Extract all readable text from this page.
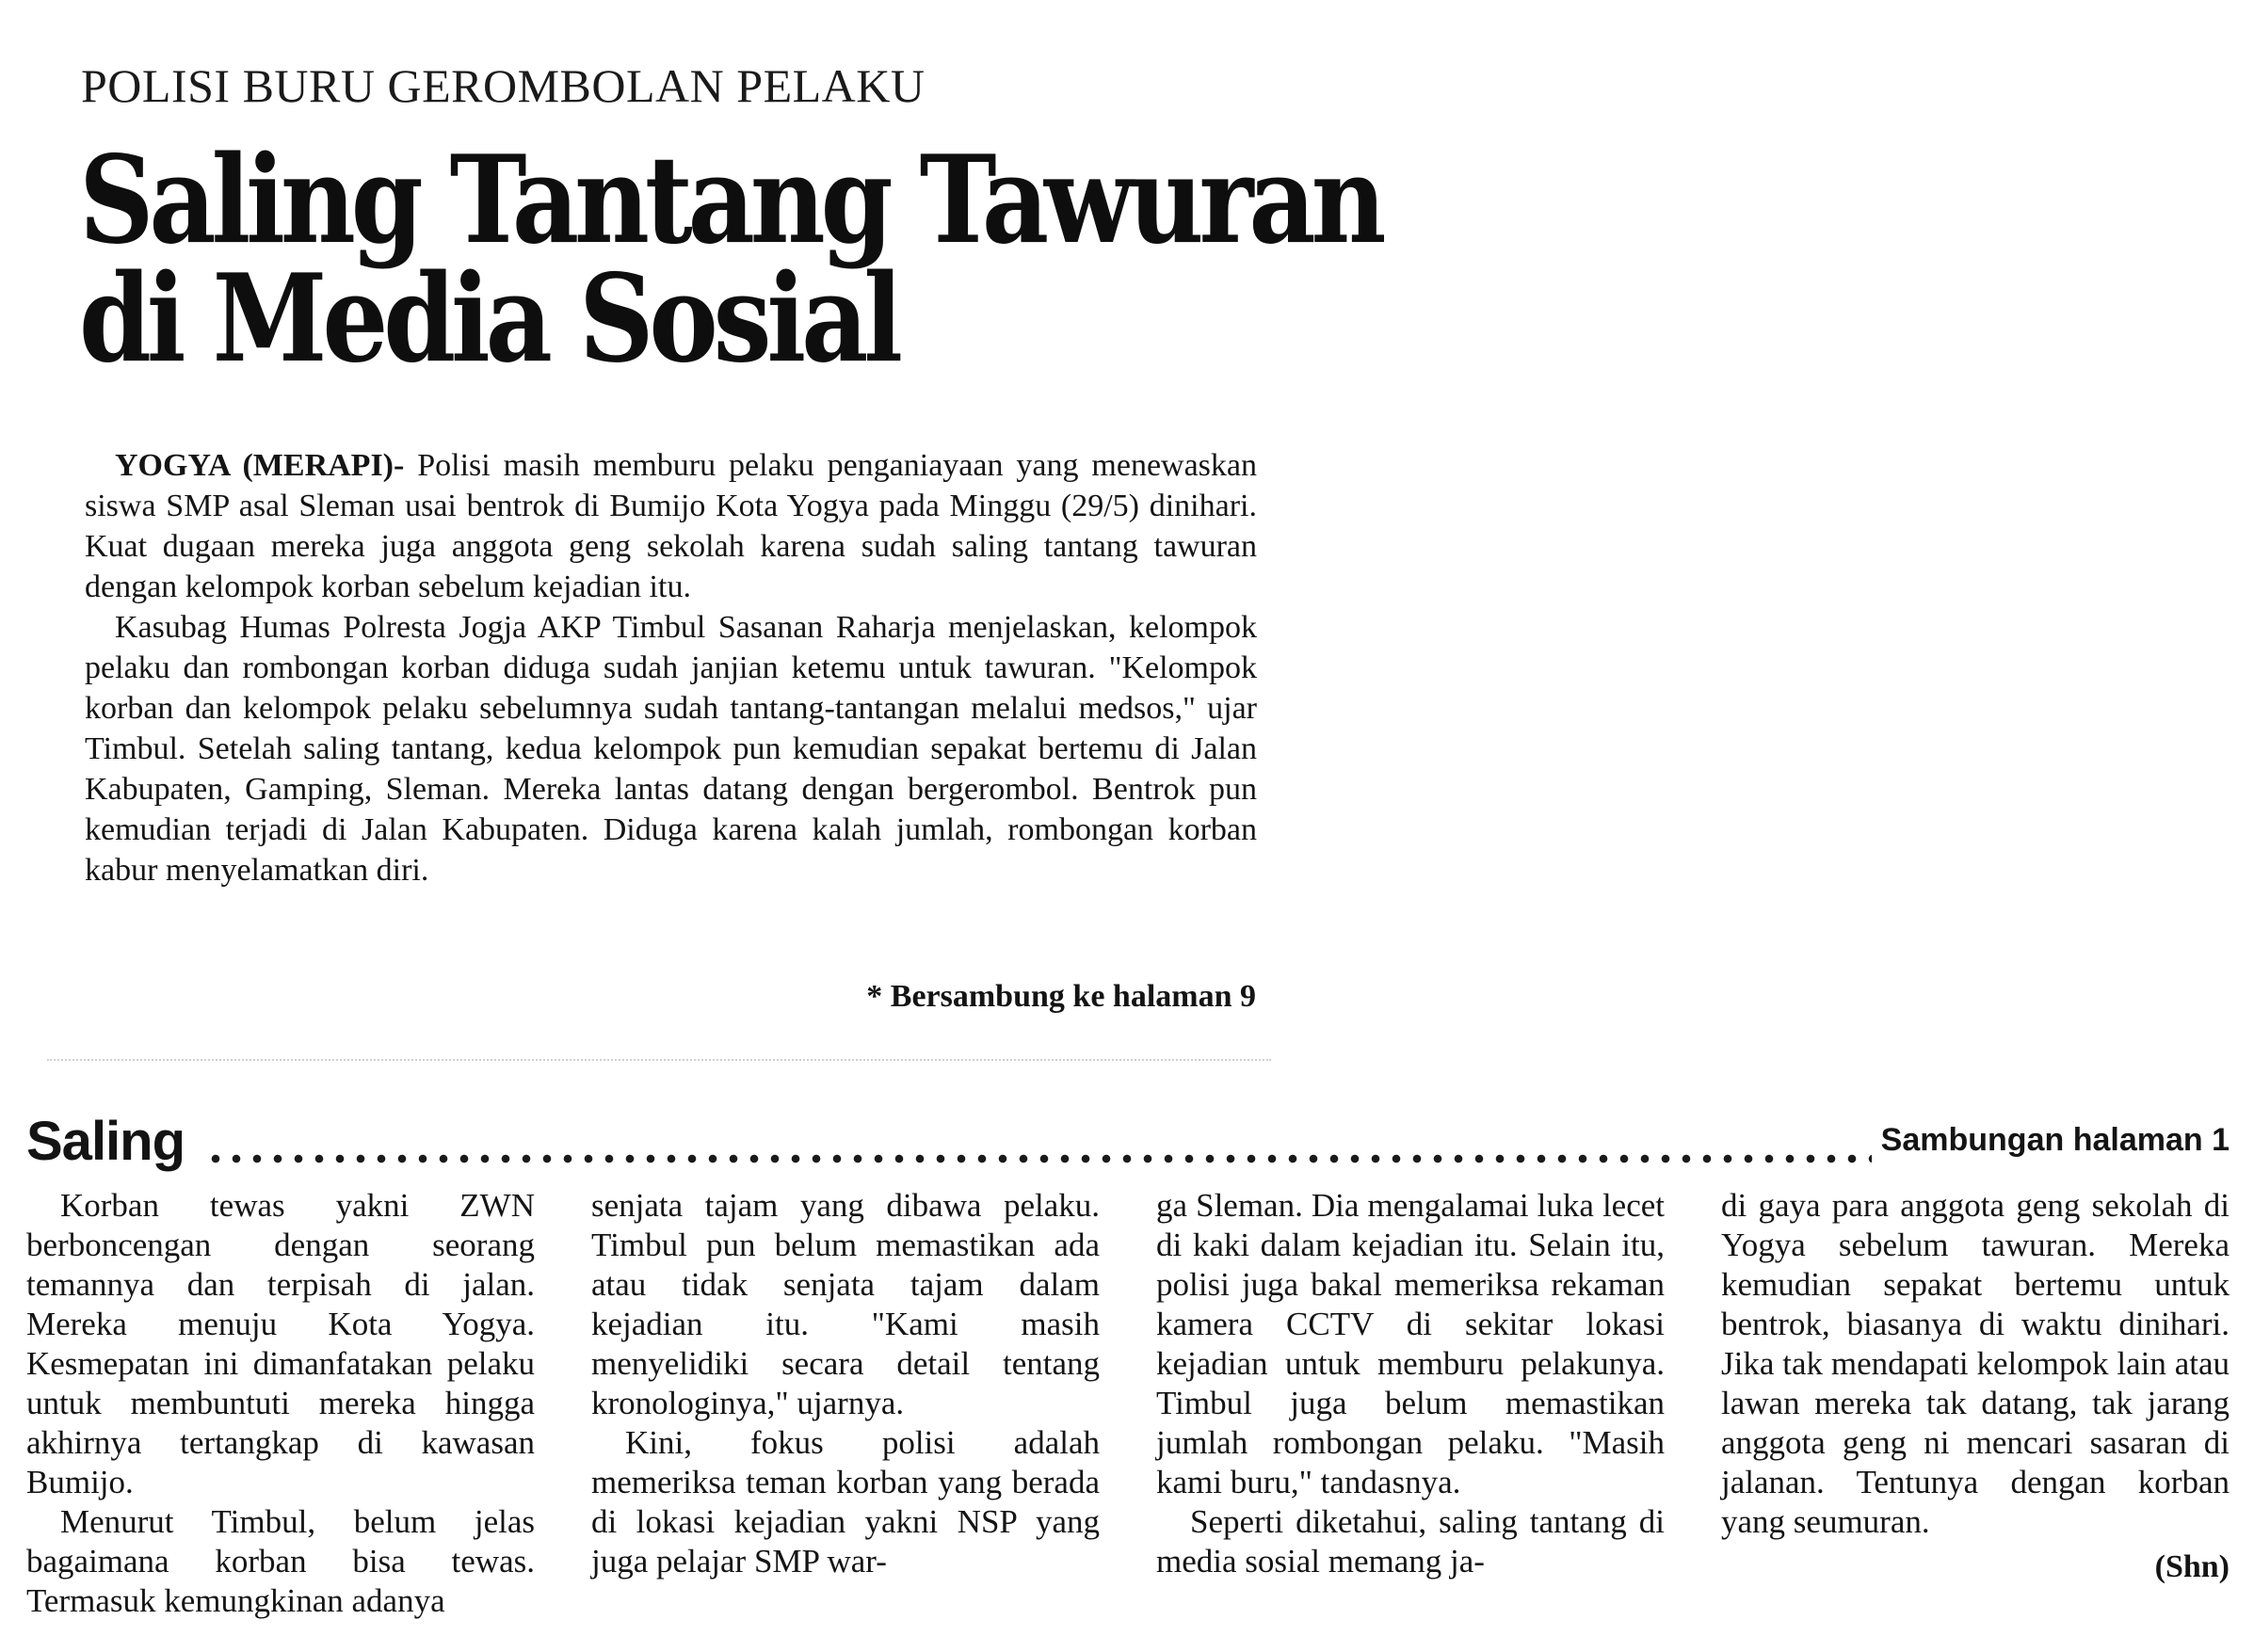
POLISI BURU GEROMBOLAN PELAKU
Saling Tantang Tawuran
di Media Sosial

YOGYA (MERAPI)- Polisi masih memburu pelaku penganiayaan yang menewaskan siswa SMP asal Sleman usai bentrok di Bumijo Kota Yogya pada Minggu (29/5) dinihari. Kuat dugaan mereka juga anggota geng sekolah karena sudah saling tantang tawuran dengan kelompok korban sebelum kejadian itu.

Kasubag Humas Polresta Jogja AKP Timbul Sasanan Raharja menjelaskan, kelompok pelaku dan rombongan korban diduga sudah janjian ketemu untuk tawuran. "Kelompok korban dan kelompok pelaku sebelumnya sudah tantang-tantangan melalui medsos," ujar Timbul. Setelah saling tantang, kedua kelompok pun kemudian sepakat bertemu di Jalan Kabupaten, Gamping, Sleman. Mereka lantas datang dengan bergerombol. Bentrok pun kemudian terjadi di Jalan Kabupaten. Diduga karena kalah jumlah, rombongan korban kabur menyelamatkan diri.

* Bersambung ke halaman 9
Saling	Sambungan halaman 1

Korban tewas yakni ZWN berboncengan dengan seorang temannya dan terpisah di jalan. Mereka menuju Kota Yogya. Kesmepatan ini dimanfatakan pelaku untuk membuntuti mereka hingga akhirnya tertangkap di kawasan Bumijo.

Menurut Timbul, belum jelas bagaimana korban bisa tewas. Termasuk kemungkinan adanya

senjata tajam yang dibawa pelaku. Timbul pun belum memastikan ada atau tidak senjata tajam dalam kejadian itu. "Kami masih menyelidiki secara detail tentang kronologinya," ujarnya.

Kini, fokus polisi adalah memeriksa teman korban yang berada di lokasi kejadian yakni NSP yang juga pelajar SMP war-

ga Sleman. Dia mengalamai luka lecet di kaki dalam kejadian itu. Selain itu, polisi juga bakal memeriksa rekaman kamera CCTV di sekitar lokasi kejadian untuk memburu pelakunya. Timbul juga belum memastikan jumlah rombongan pelaku. "Masih kami buru," tandasnya.

Seperti diketahui, saling tantang di media sosial memang ja-

di gaya para anggota geng sekolah di Yogya sebelum tawuran. Mereka kemudian sepakat bertemu untuk bentrok, biasanya di waktu dinihari. Jika tak mendapati kelompok lain atau lawan mereka tak datang, tak jarang anggota geng ni mencari sasaran di jalanan. Tentunya dengan korban yang seumuran.

(Shn)
